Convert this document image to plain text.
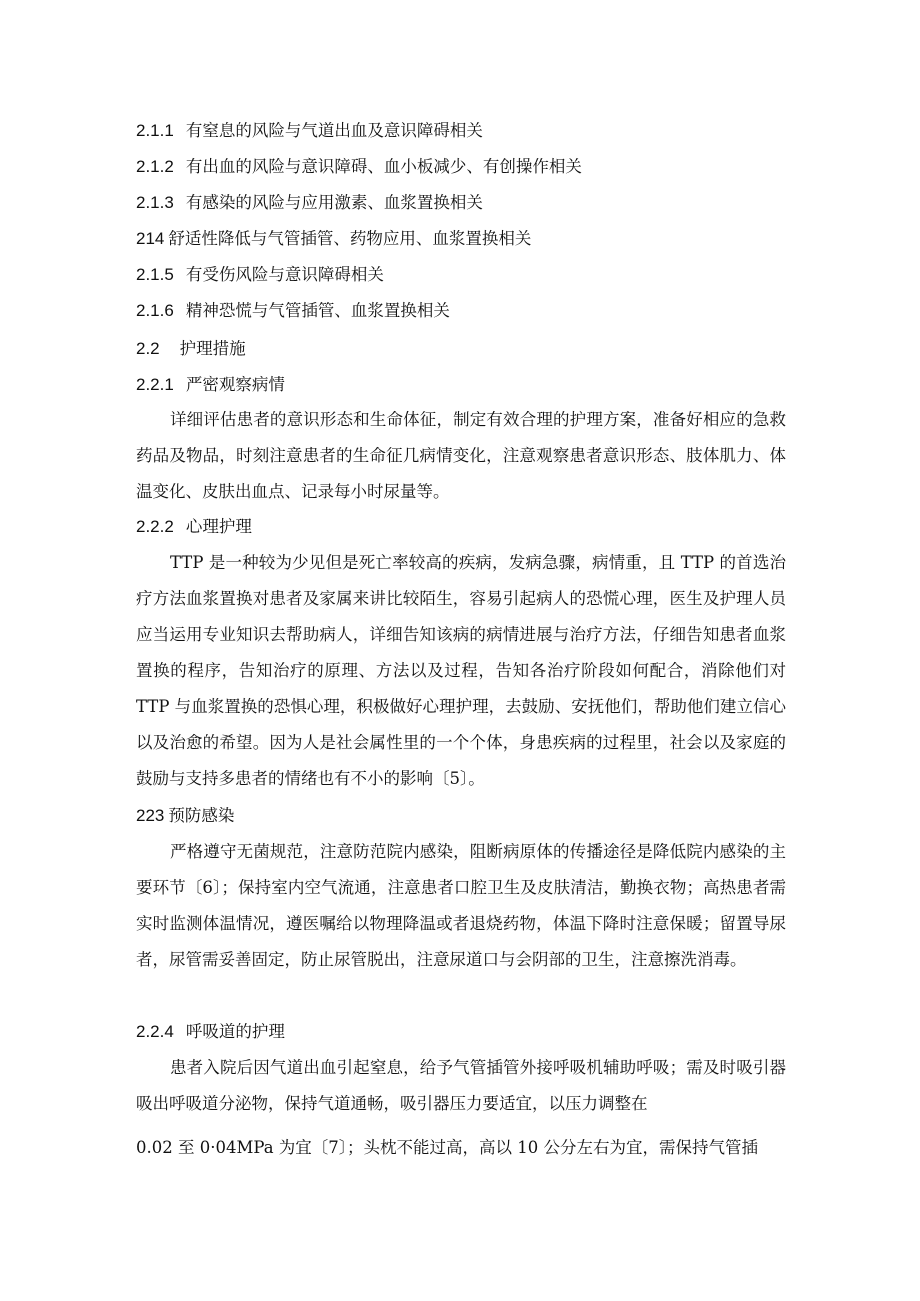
2.1.1 有窒息的风险与气道出血及意识障碍相关
2.1.2 有出血的风险与意识障碍、血小板减少、有创操作相关
2.1.3 有感染的风险与应用激素、血浆置换相关
214 舒适性降低与气管插管、药物应用、血浆置换相关
2.1.5 有受伤风险与意识障碍相关
2.1.6 精神恐慌与气管插管、血浆置换相关
2.2 护理措施
2.2.1 严密观察病情
详细评估患者的意识形态和生命体征，制定有效合理的护理方案，准备好相应的急救药品及物品，时刻注意患者的生命征几病情变化，注意观察患者意识形态、肢体肌力、体温变化、皮肤出血点、记录每小时尿量等。
2.2.2 心理护理
TTP 是一种较为少见但是死亡率较高的疾病，发病急骤，病情重，且 TTP 的首选治疗方法血浆置换对患者及家属来讲比较陌生，容易引起病人的恐慌心理，医生及护理人员应当运用专业知识去帮助病人，详细告知该病的病情进展与治疗方法，仔细告知患者血浆置换的程序，告知治疗的原理、方法以及过程，告知各治疗阶段如何配合，消除他们对 TTP 与血浆置换的恐惧心理，积极做好心理护理，去鼓励、安抚他们，帮助他们建立信心以及治愈的希望。因为人是社会属性里的一个个体，身患疾病的过程里，社会以及家庭的鼓励与支持多患者的情绪也有不小的影响〔5〕。
223 预防感染
严格遵守无菌规范，注意防范院内感染，阻断病原体的传播途径是降低院内感染的主要环节〔6〕；保持室内空气流通，注意患者口腔卫生及皮肤清洁，勤换衣物；高热患者需实时监测体温情况，遵医嘱给以物理降温或者退烧药物，体温下降时注意保暖；留置导尿者，尿管需妥善固定，防止尿管脱出，注意尿道口与会阴部的卫生，注意擦洗消毒。
2.2.4 呼吸道的护理
患者入院后因气道出血引起窒息，给予气管插管外接呼吸机辅助呼吸；需及时吸引器吸出呼吸道分泌物，保持气道通畅，吸引器压力要适宜，以压力调整在
0.02 至 0·04MPa 为宜〔7〕；头枕不能过高，高以 10 公分左右为宜，需保持气管插
